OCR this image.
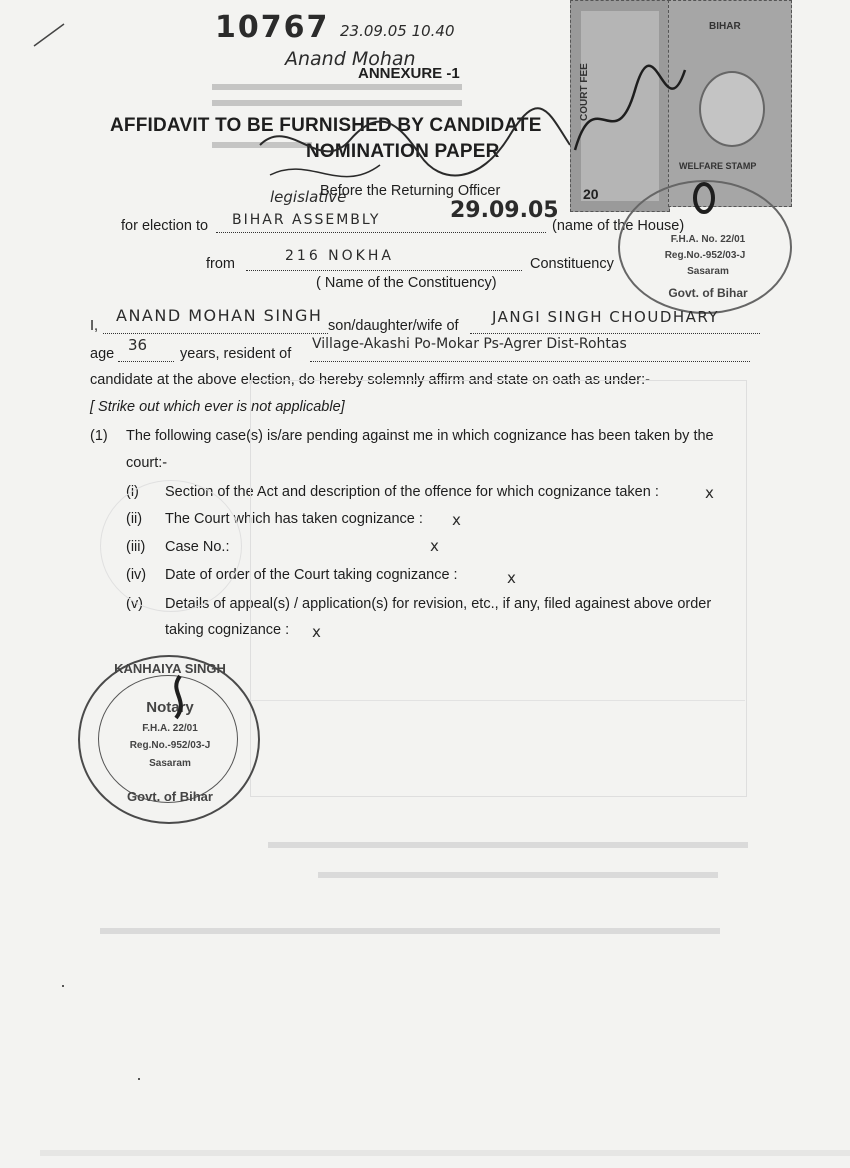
10767 23.09.05 10.40
Anand Mohan
ANNEXURE -1
AFFIDAVIT TO BE FURNISHED BY CANDIDATE
NOMINATION PAPER
COURT FEE
20
BIHAR
WELFARE STAMP
legislative
Before the Returning Officer
29.09.05
for election to BIHAR ASSEMBLY	(name of the House)
from	216 NOKHA	Constituency
( Name of the Constituency)
F.H.A. No. 22/01
Reg.No.-952/03-J
Sasaram
Govt. of Bihar
I,
ANAND MOHAN SINGH
son/daughter/wife of JANGI SINGH CHOUDHARY
age 36 years, resident of
Village-Akashi Po-Mokar Ps-Agrer Dist-Rohtas
candidate at the above election, do hereby solemnly affirm and state on oath as under:-
[ Strike out which ever is not applicable]
(1) The following case(s) is/are pending against me in which cognizance has been taken by the
court:-
(i) Section of the Act and description of the offence for which cognizance taken :	x
(ii) The Court which has taken cognizance : x
(iii) Case No.:	x
(iv) Date of order of the Court taking cognizance :	x
(v) Details of appeal(s) / application(s) for revision, etc., if any, filed againest above order
taking cognizance : x
KANHAIYA SINGH
Notary
F.H.A. 22/01
Reg.No.-952/03-J
Sasaram
Govt. of Bihar
